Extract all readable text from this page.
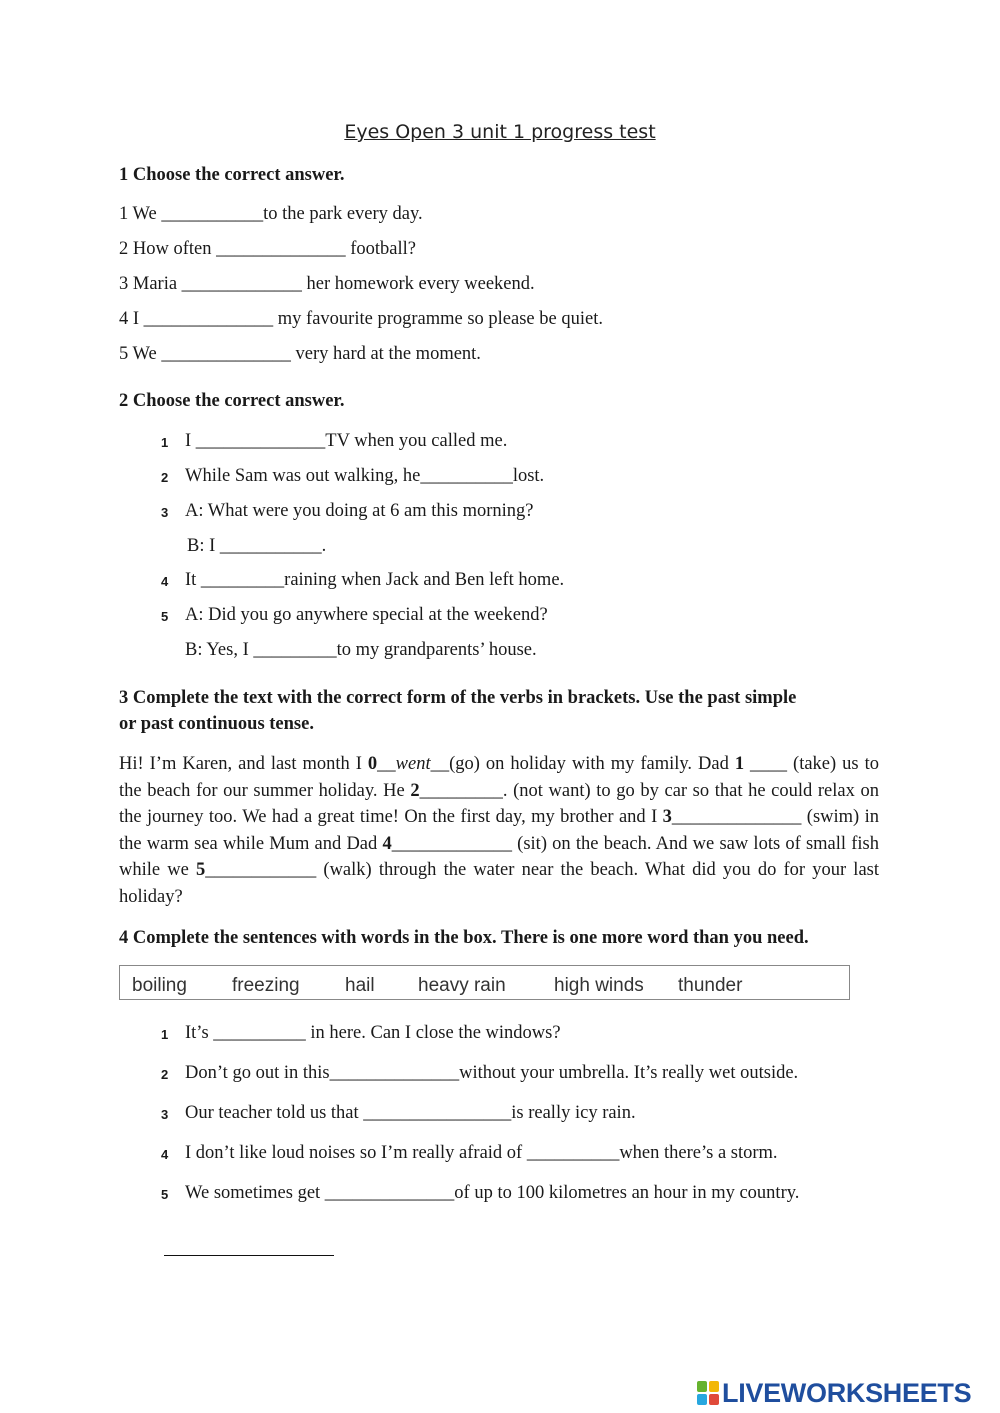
Eyes Open 3 unit 1 progress test
1 Choose the correct answer.
1 We ___________to the park every day.
2 How often ______________ football?
3 Maria _____________ her homework every weekend.
4 I ______________ my favourite programme so please be quiet.
5 We ______________ very hard at the moment.
2 Choose the correct answer.
1 I ______________TV when you called me.
2 While Sam was out walking, he__________lost.
3 A: What were you doing at 6 am this morning?
B: I ___________.
4 It _________raining when Jack and Ben left home.
5 A: Did you go anywhere special at the weekend?
B: Yes, I _________to my grandparents’ house.
3 Complete the text with the correct form of the verbs in brackets. Use the past simple
or past continuous tense.
Hi! I’m Karen, and last month I 0__went__(go) on holiday with my family. Dad 1 ____ (take) us to the beach for our summer holiday. He 2_________. (not want) to go by car so that he could relax on the journey too. We had a great time! On the first day, my brother and I 3______________ (swim) in the warm sea while Mum and Dad 4_____________ (sit) on the beach. And we saw lots of small fish while we 5____________ (walk) through the water near the beach. What did you do for your last holiday?
4 Complete the sentences with words in the box. There is one more word than you need.
boiling freezing hail heavy rain	high winds thunder
1 It’s __________ in here. Can I close the windows?
2 Don’t go out in this______________without your umbrella. It’s really wet outside.
3 Our teacher told us that ________________is really icy rain.
4 I don’t like loud noises so I’m really afraid of __________when there’s a storm.
5 We sometimes get ______________of up to 100 kilometres an hour in my country.
LIVEWORKSHEETS
